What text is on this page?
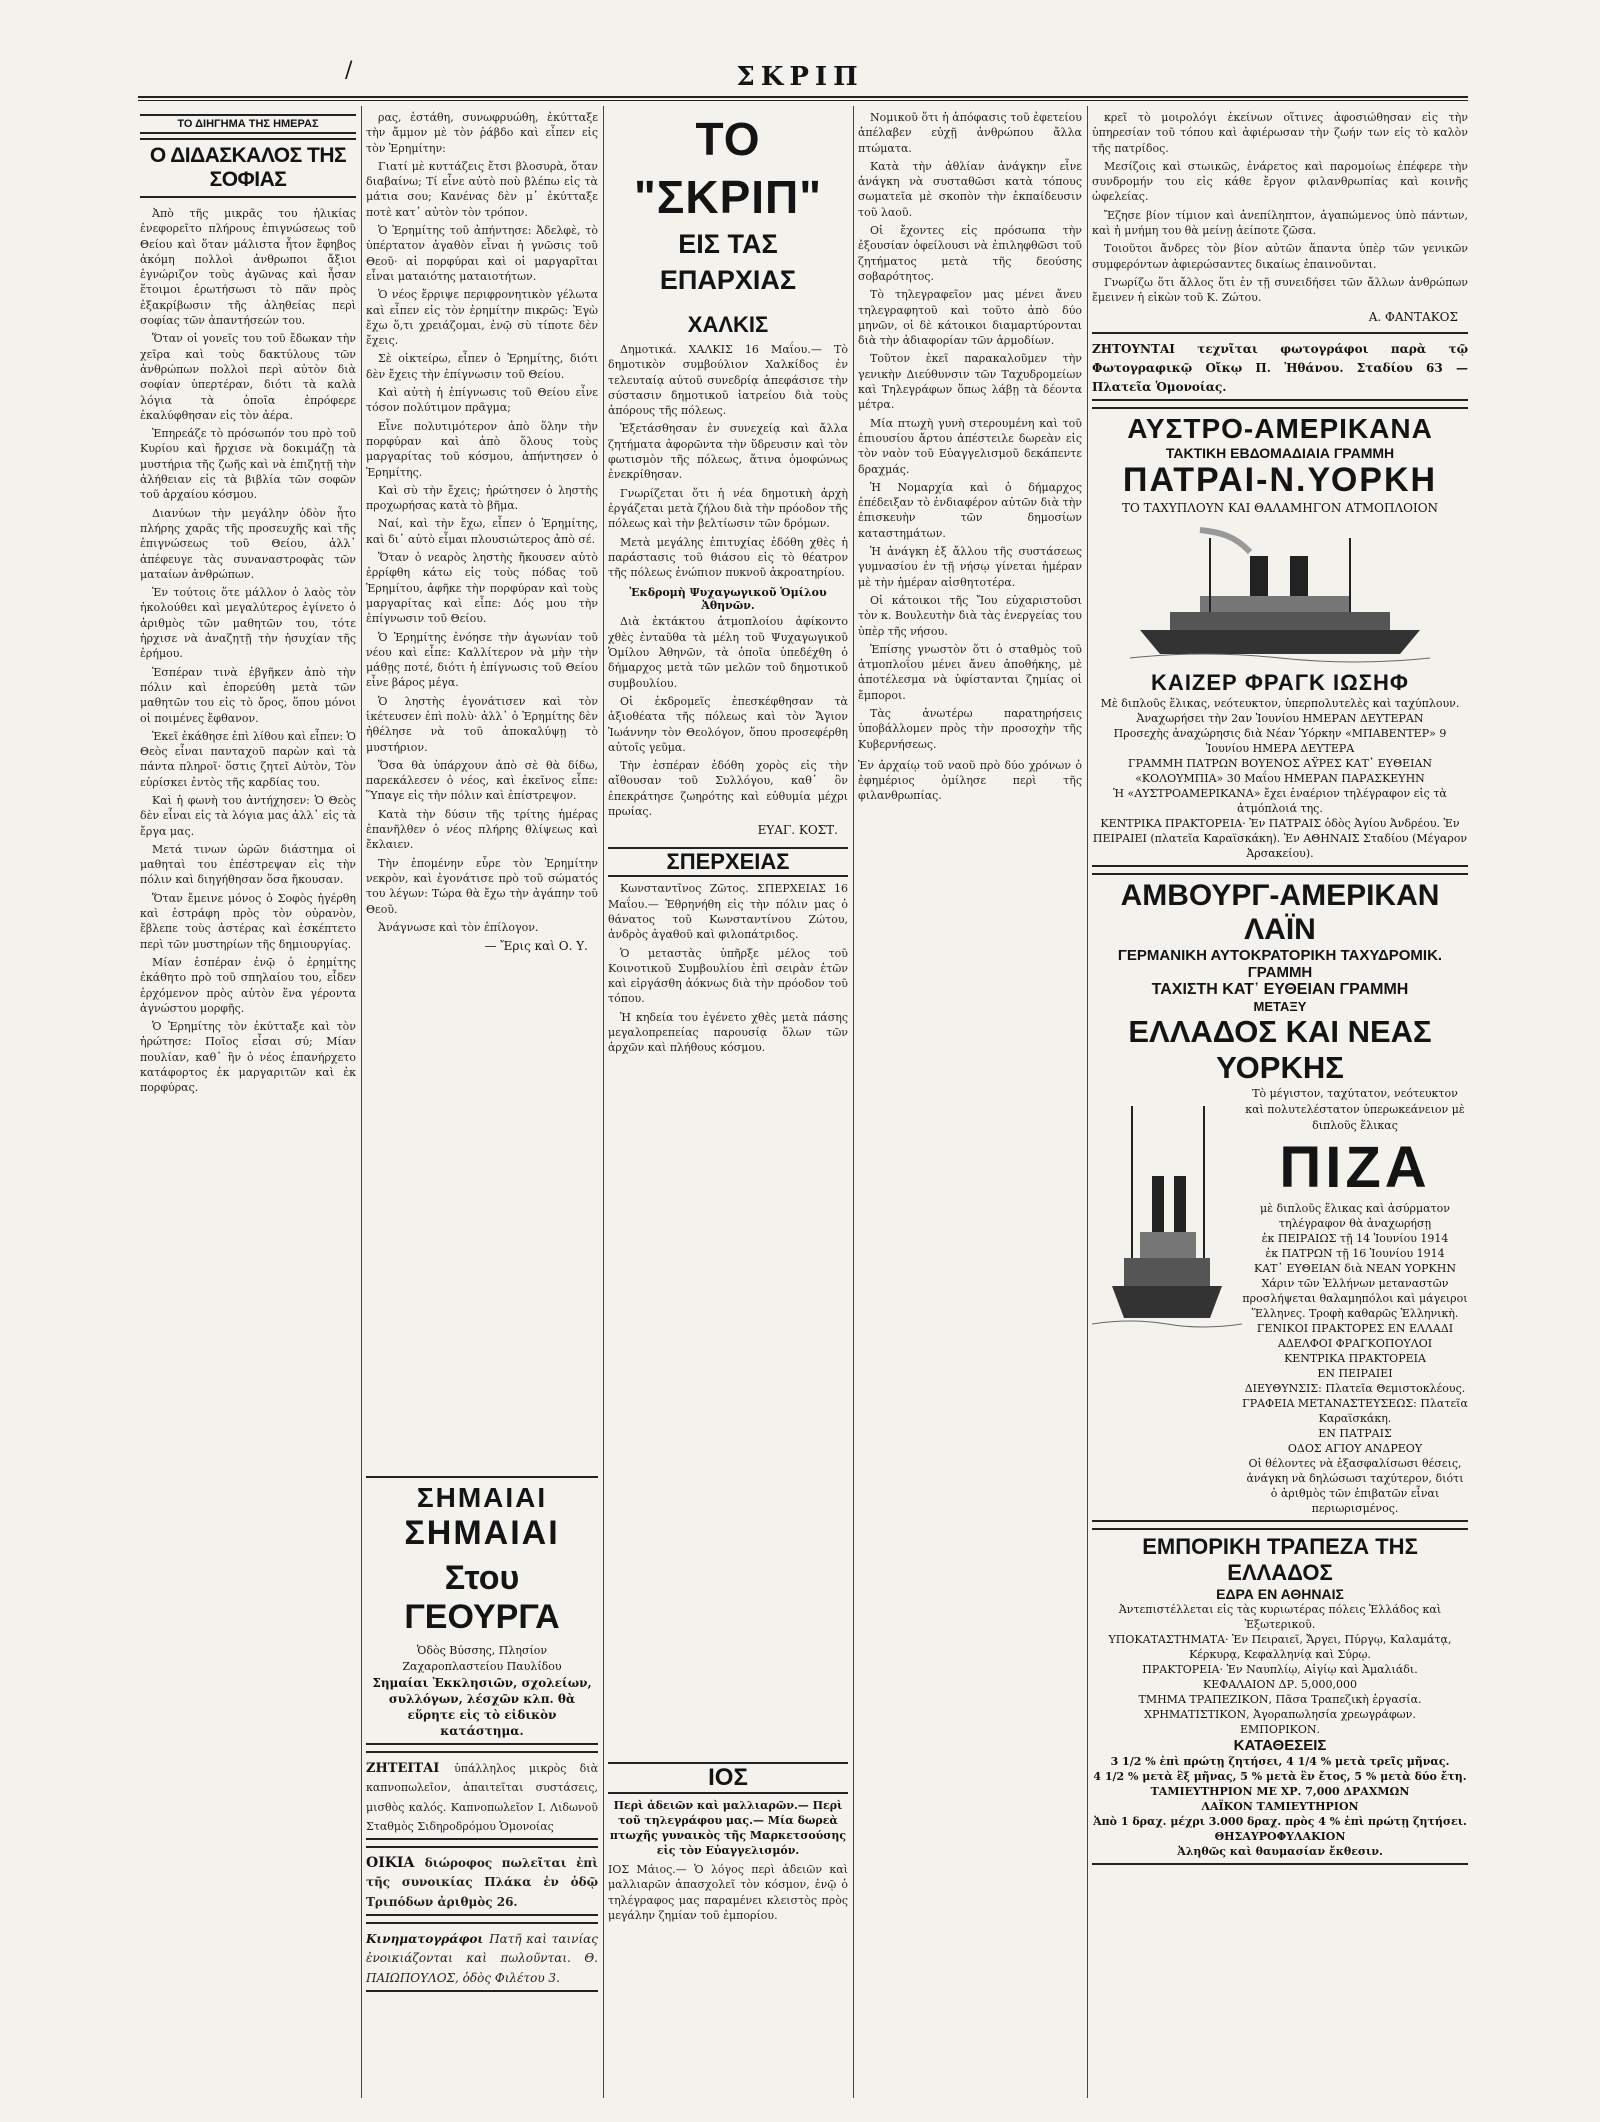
/	ΣΚΡΙΠ
ΤΟ ΔΙΗΓΗΜΑ ΤΗΣ ΗΜΕΡΑΣ
Ο ΔΙΔΑΣΚΑΛΟΣ ΤΗΣ ΣΟΦΙΑΣ

Ἀπὸ τῆς μικρᾶς του ἡλικίας ἐνεφορεῖτο πλήρους ἐπιγνώσεως τοῦ Θείου καὶ ὅταν μάλιστα ἦτον ἔφηβος ἀκόμη πολλοὶ ἀνθρωποι ἄξιοι ἐγνώριζον τοὺς ἀγῶνας καὶ ἦσαν ἕτοιμοι ἐρωτήσωσι τὸ πᾶν πρὸς ἐξακρίβωσιν τῆς ἀληθείας περὶ σοφίας τῶν ἀπαντήσεών του.

Ὅταν οἱ γονεῖς του τοῦ ἔδωκαν τὴν χεῖρα καὶ τοὺς δακτύλους τῶν ἀνθρώπων πολλοὶ περὶ αὐτὸν διὰ σοφίαν ὑπερτέραν, διότι τὰ καλὰ λόγια τὰ ὁποῖα ἐπρόφερε ἐκαλύφθησαν εἰς τὸν ἀέρα.

Ἐπηρεάζε τὸ πρόσωπόν του πρὸ τοῦ Κυρίου καὶ ἤρχισε νὰ δοκιμάζῃ τὰ μυστήρια τῆς ζωῆς καὶ νὰ ἐπιζητῇ τὴν ἀλήθειαν εἰς τὰ βιβλία τῶν σοφῶν τοῦ ἀρχαίου κόσμου.

Διανύων τὴν μεγάλην ὁδὸν ἦτο πλήρης χαρᾶς τῆς προσευχῆς καὶ τῆς ἐπιγνώσεως τοῦ Θείου, ἀλλ᾽ ἀπέφευγε τὰς συναναστροφὰς τῶν ματαίων ἀνθρώπων.

Ἐν τούτοις ὅτε μάλλον ὁ λαὸς τὸν ἠκολούθει καὶ μεγαλύτερος ἐγίνετο ὁ ἀριθμὸς τῶν μαθητῶν του, τότε ἠρχισε νὰ ἀναζητῇ τὴν ἡσυχίαν τῆς ἐρήμου.

Ἐσπέραν τινὰ ἐβγῆκεν ἀπὸ τὴν πόλιν καὶ ἐπορεύθη μετὰ τῶν μαθητῶν του εἰς τὸ ὄρος, ὅπου μόνοι οἱ ποιμένες ἔφθανον.

Ἐκεῖ ἐκάθησε ἐπὶ λίθου καὶ εἶπεν: Ὁ Θεὸς εἶναι πανταχοῦ παρὼν καὶ τὰ πάντα πληροῖ· ὅστις ζητεῖ Αὐτὸν, Τὸν εὑρίσκει ἐντὸς τῆς καρδίας του.

Καὶ ἡ φωνὴ του ἀντήχησεν: Ὁ Θεὸς δὲν εἶναι εἰς τὰ λόγια μας ἀλλ᾽ εἰς τὰ ἔργα μας.

Μετά τινων ὡρῶν διάστημα οἱ μαθηταὶ του ἐπέστρεψαν εἰς τὴν πόλιν καὶ διηγήθησαν ὅσα ἤκουσαν.

Ὅταν ἔμεινε μόνος ὁ Σοφὸς ἠγέρθη καὶ ἐστράφη πρὸς τὸν οὐρανὸν, ἔβλεπε τοὺς ἀστέρας καὶ ἐσκέπτετο περὶ τῶν μυστηρίων τῆς δημιουργίας.

Μίαν ἑσπέραν ἐνῷ ὁ ἐρημίτης ἐκάθητο πρὸ τοῦ σπηλαίου του, εἶδεν ἐρχόμενον πρὸς αὐτὸν ἕνα γέροντα ἀγνώστου μορφῆς.

Ὁ Ἐρημίτης τὸν ἐκύτταξε καὶ τὸν ἠρώτησε: Ποῖος εἶσαι σύ; Μίαν πουλίαν, καθ᾽ ἣν ὁ νέος ἐπανήρχετο κατάφορτος ἐκ μαργαριτῶν καὶ ἐκ πορφύρας.

ρας, ἐστάθη, συνωφρυώθη, ἐκύτταξε τὴν ἄμμον μὲ τὸν ῥάβδο καὶ εἶπεν εἰς τὸν Ἐρημίτην:

Γιατί μὲ κυττάζεις ἔτσι βλοσυρὰ, ὅταν διαβαίνω; Τί εἶνε αὐτὸ ποὺ βλέπω εἰς τὰ μάτια σου; Κανένας δὲν μ᾽ ἐκύτταξε ποτὲ κατ᾽ αὐτὸν τὸν τρόπον.

Ὁ Ἐρημίτης τοῦ ἀπήντησε: Ἀδελφὲ, τὸ ὑπέρτατον ἀγαθὸν εἶναι ἡ γνῶσις τοῦ Θεοῦ· αἱ πορφύραι καὶ οἱ μαργαρῖται εἶναι ματαιότης ματαιοτήτων.

Ὁ νέος ἔρριψε περιφρονητικὸν γέλωτα καὶ εἶπεν εἰς τὸν ἐρημίτην πικρῶς: Ἐγὼ ἔχω ὅ,τι χρειάζομαι, ἐνῷ σὺ τίποτε δὲν ἔχεις.

Σὲ οἰκτείρω, εἶπεν ὁ Ἐρημίτης, διότι δὲν ἔχεις τὴν ἐπίγνωσιν τοῦ Θείου.

Καὶ αὐτὴ ἡ ἐπίγνωσις τοῦ Θείου εἶνε τόσον πολύτιμον πρᾶγμα;

Εἶνε πολυτιμότερον ἀπὸ ὅλην τὴν πορφύραν καὶ ἀπὸ ὅλους τοὺς μαργαρίτας τοῦ κόσμου, ἀπήντησεν ὁ Ἐρημίτης.

Καὶ σὺ τὴν ἔχεις; ἠρώτησεν ὁ ληστὴς προχωρήσας κατὰ τὸ βῆμα.

Ναί, καὶ τὴν ἔχω, εἶπεν ὁ Ἐρημίτης, καὶ δι᾽ αὐτὸ εἶμαι πλουσιώτερος ἀπὸ σέ.

Ὅταν ὁ νεαρὸς ληστὴς ἤκουσεν αὐτὸ ἐρρίφθη κάτω εἰς τοὺς πόδας τοῦ Ἐρημίτου, ἀφῆκε τὴν πορφύραν καὶ τοὺς μαργαρίτας καὶ εἶπε: Δός μου τὴν ἐπίγνωσιν τοῦ Θείου.

Ὁ Ἐρημίτης ἐνόησε τὴν ἀγωνίαν τοῦ νέου καὶ εἶπε: Καλλίτερον νὰ μὴν τὴν μάθῃς ποτέ, διότι ἡ ἐπίγνωσις τοῦ Θείου εἶνε βάρος μέγα.

Ὁ ληστὴς ἐγονάτισεν καὶ τὸν ἱκέτευσεν ἐπὶ πολὺ· ἀλλ᾽ ὁ Ἐρημίτης δὲν ἠθέλησε νὰ τοῦ ἀποκαλύψῃ τὸ μυστήριον.

Ὅσα θὰ ὑπάρχουν ἀπὸ σὲ θὰ δίδω, παρεκάλεσεν ὁ νέος, καὶ ἐκεῖνος εἶπε: Ὕπαγε εἰς τὴν πόλιν καὶ ἐπίστρεψον.

Κατὰ τὴν δύσιν τῆς τρίτης ἡμέρας ἐπανῆλθεν ὁ νέος πλήρης θλίψεως καὶ ἔκλαιεν.

Τὴν ἑπομένην εὗρε τὸν Ἐρημίτην νεκρὸν, καὶ ἐγονάτισε πρὸ τοῦ σώματός του λέγων: Τώρα θὰ ἔχω τὴν ἀγάπην τοῦ Θεοῦ.

Ἀνάγνωσε καὶ τὸν ἐπίλογον.

— Ἔρις καὶ Ο. Υ.
ΣΗΜΑΙΑΙ
ΣΗΜΑΙΑΙ
Στου ΓΕΟΥΡΓΑ
Ὁδὸς Βύσσης, Πλησίον Ζαχαροπλαστείου Παυλίδου
Σημαίαι Ἐκκλησιῶν, σχολείων, συλλόγων, λέσχῶν κλπ. θὰ εὕρητε εἰς τὸ εἰδικὸν κατάστημα.
ΖΗΤΕΙΤΑΙ ὑπάλληλος μικρὸς διὰ καπνοπωλεῖον, ἀπαιτεῖται συστάσεις, μισθὸς καλός. Καπνοπωλεῖον Ι. Λιδωνοῦ Σταθμὸς Σιδηροδρόμου Ὁμονοίας
ΟΙΚΙΑ διώροφος πωλεῖται ἐπὶ τῆς συνοικίας Πλάκα ἐν ὁδῷ Τριπόδων ἀριθμὸς 26.
Κινηματογράφοι Πατῆ καὶ ταινίας ἐνοικιάζονται καὶ πωλοῦνται. Θ. ΠΑΙΩΠΟΥΛΟΣ, ὁδὸς Φιλέτου 3.
ΤΟ "ΣΚΡΙΠ"
ΕΙΣ ΤΑΣ ΕΠΑΡΧΙΑΣ
ΧΑΛΚΙΣ

Δημοτικά. ΧΑΛΚΙΣ 16 Μαΐου.— Τὸ δημοτικὸν συμβούλιον Χαλκίδος ἐν τελευταίᾳ αὐτοῦ συνεδρίᾳ ἀπεφάσισε τὴν σύστασιν δημοτικοῦ ἰατρείου διὰ τοὺς ἀπόρους τῆς πόλεως.

Ἐξετάσθησαν ἐν συνεχείᾳ καὶ ἄλλα ζητήματα ἀφορῶντα τὴν ὕδρευσιν καὶ τὸν φωτισμὸν τῆς πόλεως, ἅτινα ὁμοφώνως ἐνεκρίθησαν.

Γνωρίζεται ὅτι ἡ νέα δημοτικὴ ἀρχὴ ἐργάζεται μετὰ ζήλου διὰ τὴν πρόοδον τῆς πόλεως καὶ τὴν βελτίωσιν τῶν δρόμων.

Μετὰ μεγάλης ἐπιτυχίας ἐδόθη χθὲς ἡ παράστασις τοῦ θιάσου εἰς τὸ θέατρον τῆς πόλεως ἐνώπιον πυκνοῦ ἀκροατηρίου.

Ἐκδρομὴ Ψυχαγωγικοῦ Ὁμίλου Ἀθηνῶν.

Διὰ ἐκτάκτου ἀτμοπλοίου ἀφίκοντο χθὲς ἐνταῦθα τὰ μέλη τοῦ Ψυχαγωγικοῦ Ὁμίλου Ἀθηνῶν, τὰ ὁποῖα ὑπεδέχθη ὁ δήμαρχος μετὰ τῶν μελῶν τοῦ δημοτικοῦ συμβουλίου.

Οἱ ἐκδρομεῖς ἐπεσκέφθησαν τὰ ἀξιοθέατα τῆς πόλεως καὶ τὸν Ἄγιον Ἰωάννην τὸν Θεολόγον, ὅπου προσεφέρθη αὐτοῖς γεῦμα.

Τὴν ἑσπέραν ἐδόθη χορὸς εἰς τὴν αἴθουσαν τοῦ Συλλόγου, καθ᾽ ὃν ἐπεκράτησε ζωηρότης καὶ εὐθυμία μέχρι πρωίας.

ΕΥΑΓ. ΚΟΣΤ.
ΣΠΕΡΧΕΙΑΣ

Κωνσταντῖνος Ζῶτος. ΣΠΕΡΧΕΙΑΣ 16 Μαΐου.— Ἐθρηνήθη εἰς τὴν πόλιν μας ὁ θάνατος τοῦ Κωνσταντίνου Ζώτου, ἀνδρὸς ἀγαθοῦ καὶ φιλοπάτριδος.

Ὁ μεταστὰς ὑπῆρξε μέλος τοῦ Κοινοτικοῦ Συμβουλίου ἐπὶ σειρὰν ἐτῶν καὶ εἰργάσθη ἀόκνως διὰ τὴν πρόοδον τοῦ τόπου.

Ἡ κηδεία του ἐγένετο χθὲς μετὰ πάσης μεγαλοπρεπείας παρουσίᾳ ὅλων τῶν ἀρχῶν καὶ πλήθους κόσμου.

ΙΟΣ
Περὶ ἀδειῶν καὶ μαλλιαρῶν.— Περὶ τοῦ τηλεγράφου μας.— Μία δωρεὰ πτωχῆς γυναικὸς τῆς Μαρκετσούσης εἰς τὸν Εὐαγγελισμόν.

ΙΟΣ Μάιος.— Ὁ λόγος περὶ ἀδειῶν καὶ μαλλιαρῶν ἀπασχολεῖ τὸν κόσμον, ἐνῷ ὁ τηλέγραφος μας παραμένει κλειστὸς πρὸς μεγάλην ζημίαν τοῦ ἐμπορίου.

Νομικοῦ ὅτι ἡ ἀπόφασις τοῦ ἐφετείου ἀπέλαβεν εὐχῇ ἀνθρώπου ἄλλα πτώματα.

Κατὰ τὴν ἀθλίαν ἀνάγκην εἶνε ἀνάγκη νὰ συσταθῶσι κατὰ τόπους σωματεῖα μὲ σκοπὸν τὴν ἐκπαίδευσιν τοῦ λαοῦ.

Οἱ ἔχοντες εἰς πρόσωπα τὴν ἐξουσίαν ὀφείλουσι νὰ ἐπιληφθῶσι τοῦ ζητήματος μετὰ τῆς δεούσης σοβαρότητος.

Τὸ τηλεγραφεῖον μας μένει ἄνευ τηλεγραφητοῦ καὶ τοῦτο ἀπὸ δύο μηνῶν, οἱ δὲ κάτοικοι διαμαρτύρονται διὰ τὴν ἀδιαφορίαν τῶν ἁρμοδίων.

Τοῦτον ἐκεῖ παρακαλοῦμεν τὴν γενικὴν Διεύθυνσιν τῶν Ταχυδρομείων καὶ Τηλεγράφων ὅπως λάβῃ τὰ δέοντα μέτρα.

Μία πτωχὴ γυνὴ στερουμένη καὶ τοῦ ἐπιουσίου ἄρτου ἀπέστειλε δωρεὰν εἰς τὸν ναὸν τοῦ Εὐαγγελισμοῦ δεκάπεντε δραχμάς.

Ἡ Νομαρχία καὶ ὁ δήμαρχος ἐπέδειξαν τὸ ἐνδιαφέρον αὐτῶν διὰ τὴν ἐπισκευὴν τῶν δημοσίων καταστημάτων.

Ἡ ἀνάγκη ἐξ ἄλλου τῆς συστάσεως γυμνασίου ἐν τῇ νήσῳ γίνεται ἡμέραν μὲ τὴν ἡμέραν αἰσθητοτέρα.

Οἱ κάτοικοι τῆς Ἴου εὐχαριστοῦσι τὸν κ. Βουλευτὴν διὰ τὰς ἐνεργείας του ὑπὲρ τῆς νήσου.

Ἐπίσης γνωστὸν ὅτι ὁ σταθμὸς τοῦ ἀτμοπλοΐου μένει ἄνευ ἀποθήκης, μὲ ἀποτέλεσμα νὰ ὑφίστανται ζημίας οἱ ἔμποροι.

Τὰς ἀνωτέρω παρατηρήσεις ὑποβάλλομεν πρὸς τὴν προσοχὴν τῆς Κυβερνήσεως.

Ἐν ἀρχαίῳ τοῦ ναοῦ πρὸ δύο χρόνων ὁ ἐφημέριος ὁμίλησε περὶ τῆς φιλανθρωπίας.

κρεῖ τὸ μοιρολόγι ἐκείνων οἵτινες ἀφοσιώθησαν εἰς τὴν ὑπηρεσίαν τοῦ τόπου καὶ ἀφιέρωσαν τὴν ζωήν των εἰς τὸ καλὸν τῆς πατρίδος.

Μεσίζοις καὶ στωικῶς, ἐνάρετος καὶ παρομοίως ἐπέφερε τὴν συνδρομήν του εἰς κάθε ἔργον φιλανθρωπίας καὶ κοινῆς ὠφελείας.

Ἔζησε βίον τίμιον καὶ ἀνεπίληπτον, ἀγαπώμενος ὑπὸ πάντων, καὶ ἡ μνήμη του θὰ μείνῃ ἀείποτε ζῶσα.

Τοιοῦτοι ἄνδρες τὸν βίον αὐτῶν ἅπαντα ὑπὲρ τῶν γενικῶν συμφερόντων ἀφιερώσαντες δικαίως ἐπαινοῦνται.

Γνωρίζω ὅτι ἄλλος ὅτι ἐν τῇ συνειδήσει τῶν ἄλλων ἀνθρώπων ἔμεινεν ἡ εἰκὼν τοῦ Κ. Ζώτου.

Α. ΦΑΝΤΑΚΟΣ
ΖΗΤΟΥΝΤΑΙ τεχνῖται φωτογράφοι παρὰ τῷ Φωτογραφικῷ Οἴκῳ Π. Ἠθάνου. Σταδίου 63 — Πλατεῖα Ὁμονοίας.
ΑΥΣΤΡΟ-ΑΜΕΡΙΚΑΝΑ
ΤΑΚΤΙΚΗ ΕΒΔΟΜΑΔΙΑΙΑ ΓΡΑΜΜΗ
ΠΑΤΡΑΙ-Ν.ΥΟΡΚΗ
ΤΟ ΤΑΧΥΠΛΟΥΝ ΚΑΙ ΘΑΛΑΜΗΓΟΝ ΑΤΜΟΠΛΟΙΟΝ
ΚΑΙΖΕΡ ΦΡΑΓΚ ΙΩΣΗΦ
Μὲ διπλοῦς ἕλικας, νεότευκτον, ὑπερπολυτελὲς καὶ ταχύπλουν.
Ἀναχωρήσει τὴν 2αν Ἰουνίου ΗΜΕΡΑΝ ΔΕΥΤΕΡΑΝ
Προσεχὴς ἀναχώρησις διὰ Νέαν Ὑόρκην «ΜΠΑΒΕΝΤΕΡ» 9 Ἰουνίου ΗΜΕΡΑ ΔΕΥΤΕΡΑ
ΓΡΑΜΜΗ ΠΑΤΡΩΝ ΒΟΥΕΝΟΣ ΑΫΡΕΣ ΚΑΤ᾽ ΕΥΘΕΙΑΝ
«ΚΟΛΟΥΜΠΙΑ» 30 Μαΐου ΗΜΕΡΑΝ ΠΑΡΑΣΚΕΥΗΝ
Ἡ «ΑΥΣΤΡΟΑΜΕΡΙΚΑΝΑ» ἔχει ἐναέριον τηλέγραφον εἰς τὰ ἀτμόπλοιά της.
ΚΕΝΤΡΙΚΑ ΠΡΑΚΤΟΡΕΙΑ· Ἐν ΠΑΤΡΑΙΣ ὁδὸς Ἀγίου Ἀνδρέου. Ἐν ΠΕΙΡΑΙΕΙ (πλατεῖα Καραϊσκάκη). Ἐν ΑΘΗΝΑΙΣ Σταδίου (Μέγαρον Ἀρσακείου).
ΑΜΒΟΥΡΓ-ΑΜΕΡΙΚΑΝ ΛΑΪΝ
ΓΕΡΜΑΝΙΚΗ ΑΥΤΟΚΡΑΤΟΡΙΚΗ ΤΑΧΥΔΡΟΜΙΚ. ΓΡΑΜΜΗ
ΤΑΧΙΣΤΗ ΚΑΤ᾽ ΕΥΘΕΙΑΝ ΓΡΑΜΜΗ
ΜΕΤΑΞΥ
ΕΛΛΑΔΟΣ ΚΑΙ ΝΕΑΣ ΥΟΡΚΗΣ
Τὸ μέγιστον, ταχύτατον, νεότευκτον καὶ πολυτελέστατον ὑπερωκεάνειον μὲ διπλοῦς ἕλικας
ΠΙΖΑ
μὲ διπλοῦς ἕλικας καὶ ἀσύρματον τηλέγραφον θὰ ἀναχωρήσῃ
ἐκ ΠΕΙΡΑΙΩΣ τῇ 14 Ἰουνίου 1914
ἐκ ΠΑΤΡΩΝ τῇ 16 Ἰουνίου 1914
ΚΑΤ᾽ ΕΥΘΕΙΑΝ διὰ ΝΕΑΝ ΥΟΡΚΗΝ
Χάριν τῶν Ἑλλήνων μεταναστῶν προσλήψεται θαλαμηπόλοι καὶ μάγειροι Ἕλληνες. Τροφὴ καθαρῶς Ἑλληνικὴ.
ΓΕΝΙΚΟΙ ΠΡΑΚΤΟΡΕΣ ΕΝ ΕΛΛΑΔΙ
ΑΔΕΛΦΟΙ ΦΡΑΓΚΟΠΟΥΛΟΙ
ΚΕΝΤΡΙΚΑ ΠΡΑΚΤΟΡΕΙΑ
ΕΝ ΠΕΙΡΑΙΕΙ
ΔΙΕΥΘΥΝΣΙΣ: Πλατεῖα Θεμιστοκλέους. ΓΡΑΦΕΙΑ ΜΕΤΑΝΑΣΤΕΥΣΕΩΣ: Πλατεῖα Καραϊσκάκη.
ΕΝ ΠΑΤΡΑΙΣ
ΟΔΟΣ ΑΓΙΟΥ ΑΝΔΡΕΟΥ
Οἱ θέλοντες νὰ ἐξασφαλίσωσι θέσεις, ἀνάγκη νὰ δηλώσωσι ταχύτερον, διότι ὁ ἀριθμὸς τῶν ἐπιβατῶν εἶναι περιωρισμένος.
ΕΜΠΟΡΙΚΗ ΤΡΑΠΕΖΑ ΤΗΣ ΕΛΛΑΔΟΣ
ΕΔΡΑ ΕΝ ΑΘΗΝΑΙΣ
Ἀντεπιστέλλεται εἰς τὰς κυριωτέρας πόλεις Ἑλλάδος καὶ Ἐξωτερικοῦ.
ΥΠΟΚΑΤΑΣΤΗΜΑΤΑ· Ἐν Πειραιεῖ, Ἄργει, Πύργῳ, Καλαμάτᾳ, Κέρκυρᾳ, Κεφαλληνίᾳ καὶ Σύρῳ.
ΠΡΑΚΤΟΡΕΙΑ· Ἐν Ναυπλίῳ, Αἰγίῳ καὶ Ἀμαλιάδι.
ΚΕΦΑΛΑΙΟΝ ΔΡ. 5,000,000
ΤΜΗΜΑ ΤΡΑΠΕΖΙΚΟΝ, Πᾶσα Τραπεζικὴ ἐργασία.
ΧΡΗΜΑΤΙΣΤΙΚΟΝ, Ἀγοραπωλησία χρεωγράφων.
ΕΜΠΟΡΙΚΟΝ.
ΚΑΤΑΘΕΣΕΙΣ
3 1/2 % ἐπὶ πρώτῃ ζητήσει, 4 1/4 % μετὰ τρεῖς μῆνας.
4 1/2 % μετὰ ἓξ μῆνας, 5 % μετὰ ἓν ἔτος, 5 % μετὰ δύο ἔτη.
ΤΑΜΙΕΥΤΗΡΙΟΝ ΜΕ ΧΡ. 7,000 ΔΡΑΧΜΩΝ
ΛΑΪΚΟΝ ΤΑΜΙΕΥΤΗΡΙΟΝ
Ἀπὸ 1 δραχ. μέχρι 3.000 δραχ. πρὸς 4 % ἐπὶ πρώτῃ ζητήσει.
ΘΗΣΑΥΡΟΦΥΛΑΚΙΟΝ
Ἀληθῶς καὶ θαυμασίαν ἔκθεσιν.
